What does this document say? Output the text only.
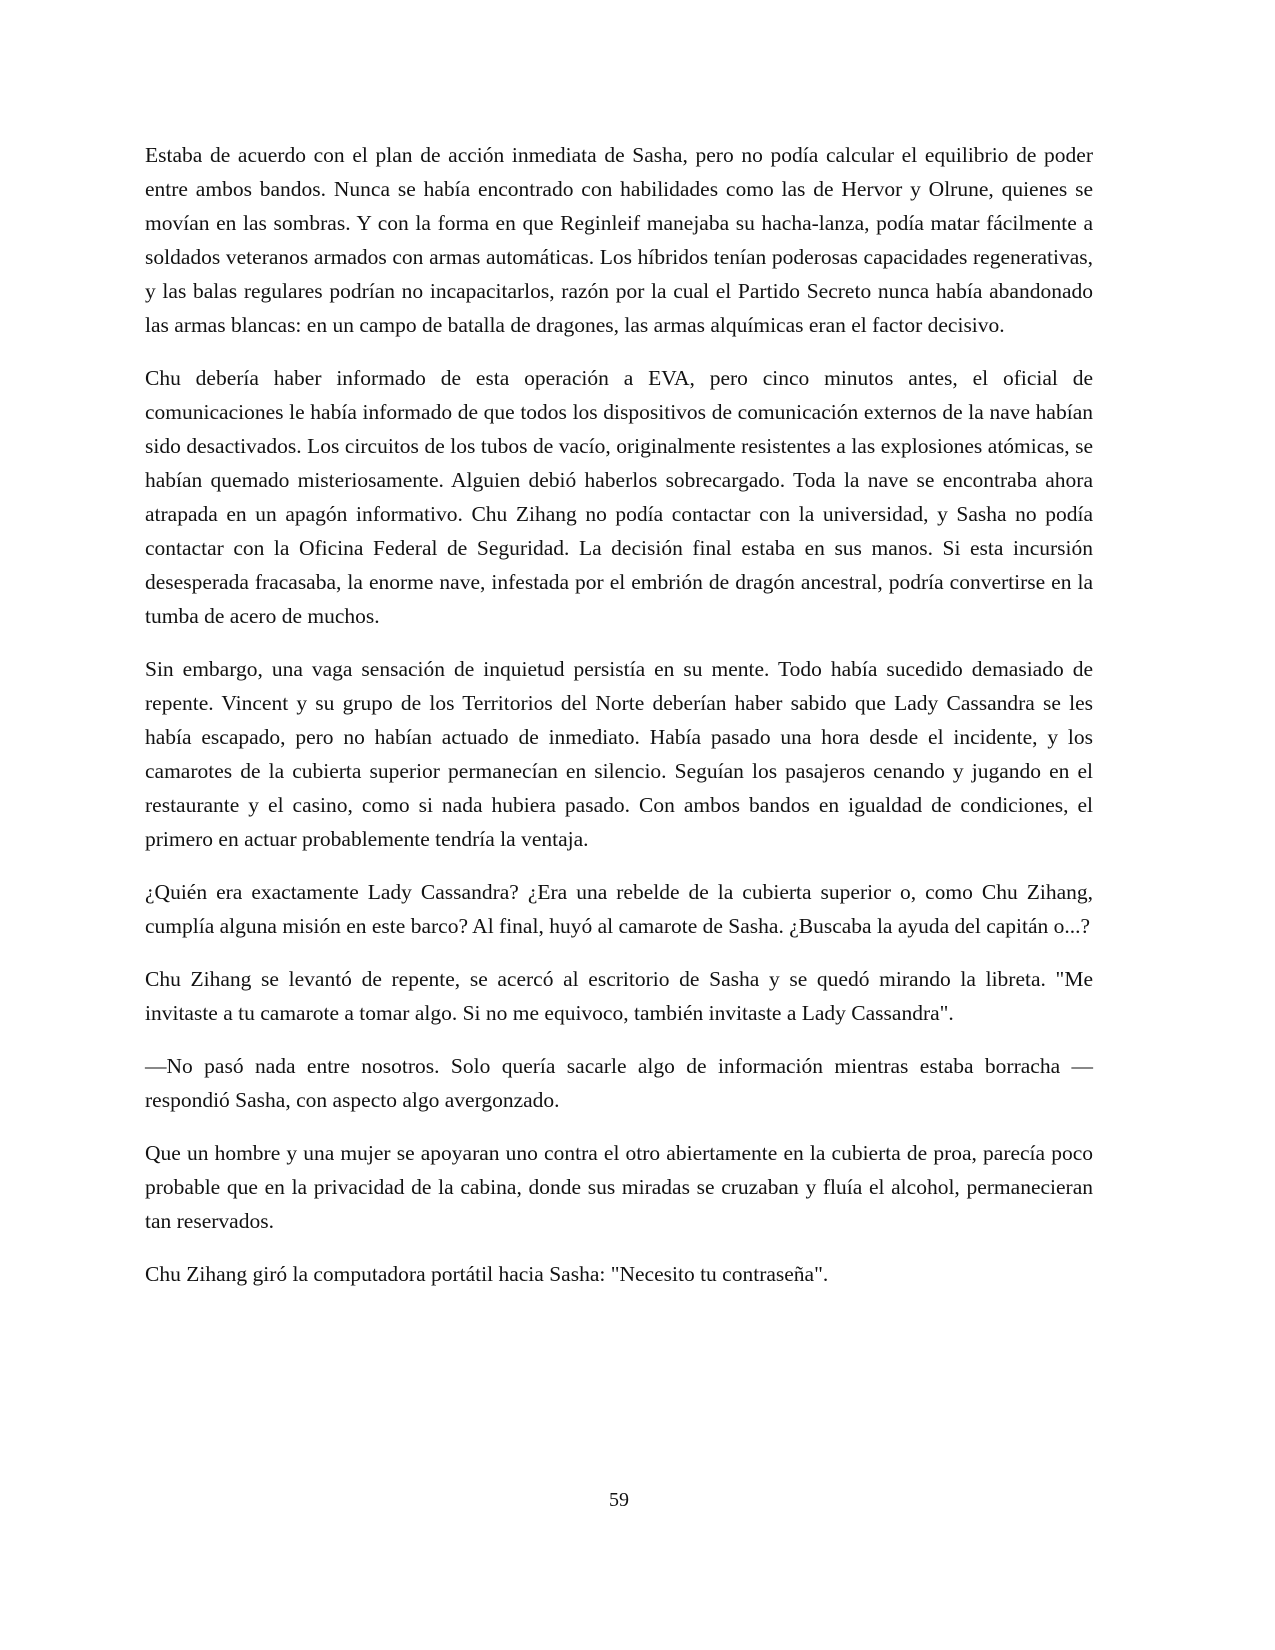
Estaba de acuerdo con el plan de acción inmediata de Sasha, pero no podía calcular el equilibrio de poder entre ambos bandos. Nunca se había encontrado con habilidades como las de Hervor y Olrune, quienes se movían en las sombras. Y con la forma en que Reginleif manejaba su hacha-lanza, podía matar fácilmente a soldados veteranos armados con armas automáticas. Los híbridos tenían poderosas capacidades regenerativas, y las balas regulares podrían no incapacitarlos, razón por la cual el Partido Secreto nunca había abandonado las armas blancas: en un campo de batalla de dragones, las armas alquímicas eran el factor decisivo.

Chu debería haber informado de esta operación a EVA, pero cinco minutos antes, el oficial de comunicaciones le había informado de que todos los dispositivos de comunicación externos de la nave habían sido desactivados. Los circuitos de los tubos de vacío, originalmente resistentes a las explosiones atómicas, se habían quemado misteriosamente. Alguien debió haberlos sobrecargado. Toda la nave se encontraba ahora atrapada en un apagón informativo. Chu Zihang no podía contactar con la universidad, y Sasha no podía contactar con la Oficina Federal de Seguridad. La decisión final estaba en sus manos. Si esta incursión desesperada fracasaba, la enorme nave, infestada por el embrión de dragón ancestral, podría convertirse en la tumba de acero de muchos.

Sin embargo, una vaga sensación de inquietud persistía en su mente. Todo había sucedido demasiado de repente. Vincent y su grupo de los Territorios del Norte deberían haber sabido que Lady Cassandra se les había escapado, pero no habían actuado de inmediato. Había pasado una hora desde el incidente, y los camarotes de la cubierta superior permanecían en silencio. Seguían los pasajeros cenando y jugando en el restaurante y el casino, como si nada hubiera pasado. Con ambos bandos en igualdad de condiciones, el primero en actuar probablemente tendría la ventaja.

¿Quién era exactamente Lady Cassandra? ¿Era una rebelde de la cubierta superior o, como Chu Zihang, cumplía alguna misión en este barco? Al final, huyó al camarote de Sasha. ¿Buscaba la ayuda del capitán o...?

Chu Zihang se levantó de repente, se acercó al escritorio de Sasha y se quedó mirando la libreta. "Me invitaste a tu camarote a tomar algo. Si no me equivoco, también invitaste a Lady Cassandra".

—No pasó nada entre nosotros. Solo quería sacarle algo de información mientras estaba borracha —respondió Sasha, con aspecto algo avergonzado.

Que un hombre y una mujer se apoyaran uno contra el otro abiertamente en la cubierta de proa, parecía poco probable que en la privacidad de la cabina, donde sus miradas se cruzaban y fluía el alcohol, permanecieran tan reservados.

Chu Zihang giró la computadora portátil hacia Sasha: "Necesito tu contraseña".

59
